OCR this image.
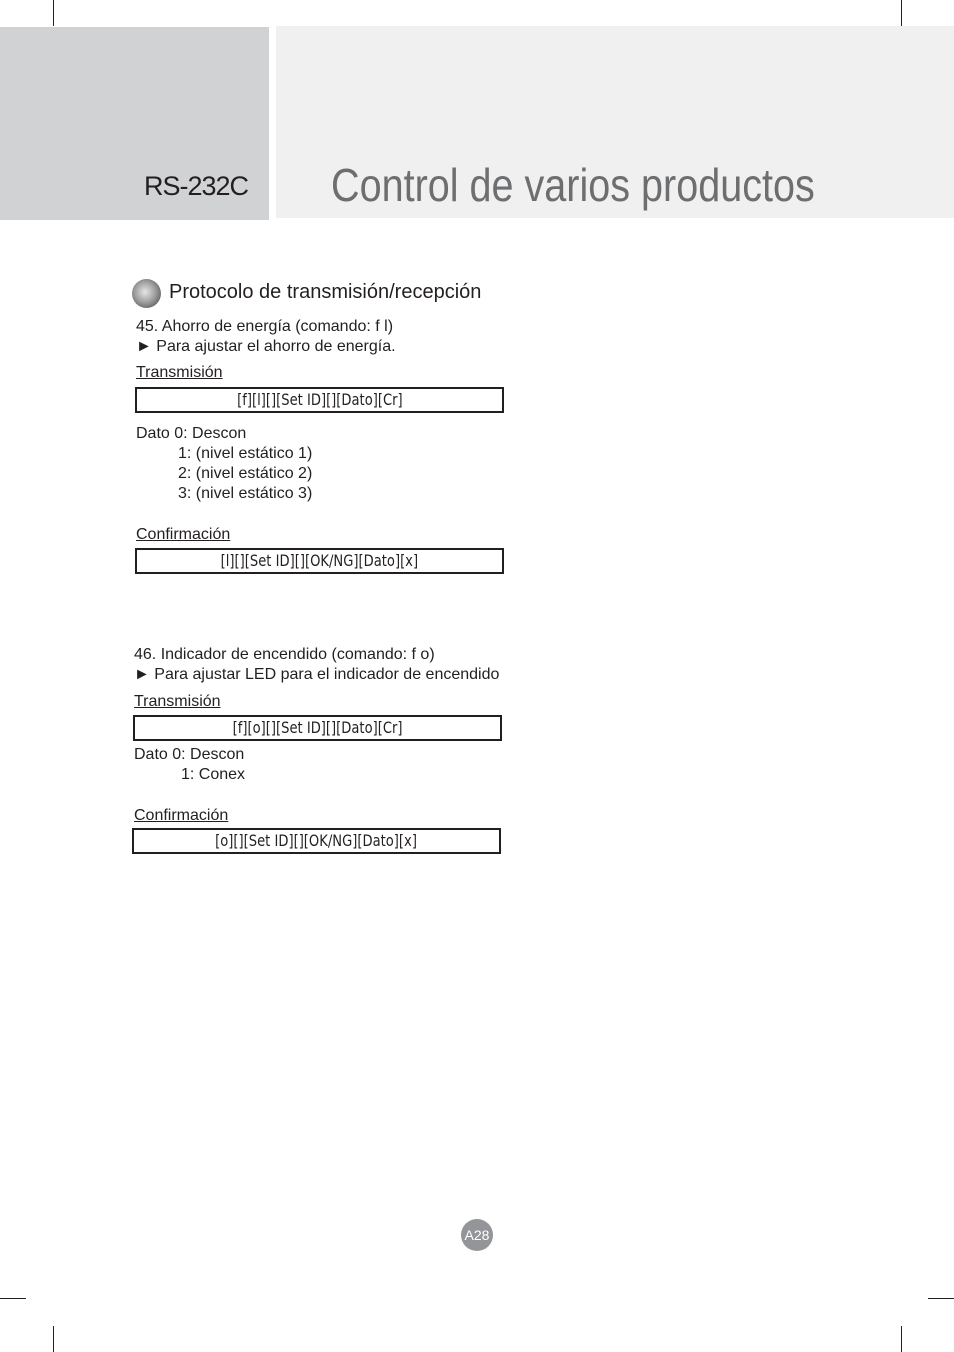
RS-232C Control de varios productos
Protocolo de transmisión/recepción
45. Ahorro de energía (comando: f l)
► Para ajustar el ahorro de energía.
Transmisión
[f][l][][Set ID][][Dato][Cr]
Dato 0: Descon
1: (nivel estático 1)
2: (nivel estático 2)
3: (nivel estático 3)
Confirmación
[l][][Set ID][][OK/NG][Dato][x]
46. Indicador de encendido (comando: f o)
► Para ajustar LED para el indicador de encendido
Transmisión
[f][o][][Set ID][][Dato][Cr]
Dato 0: Descon
1: Conex
Confirmación
[o][][Set ID][][OK/NG][Dato][x]
A28
